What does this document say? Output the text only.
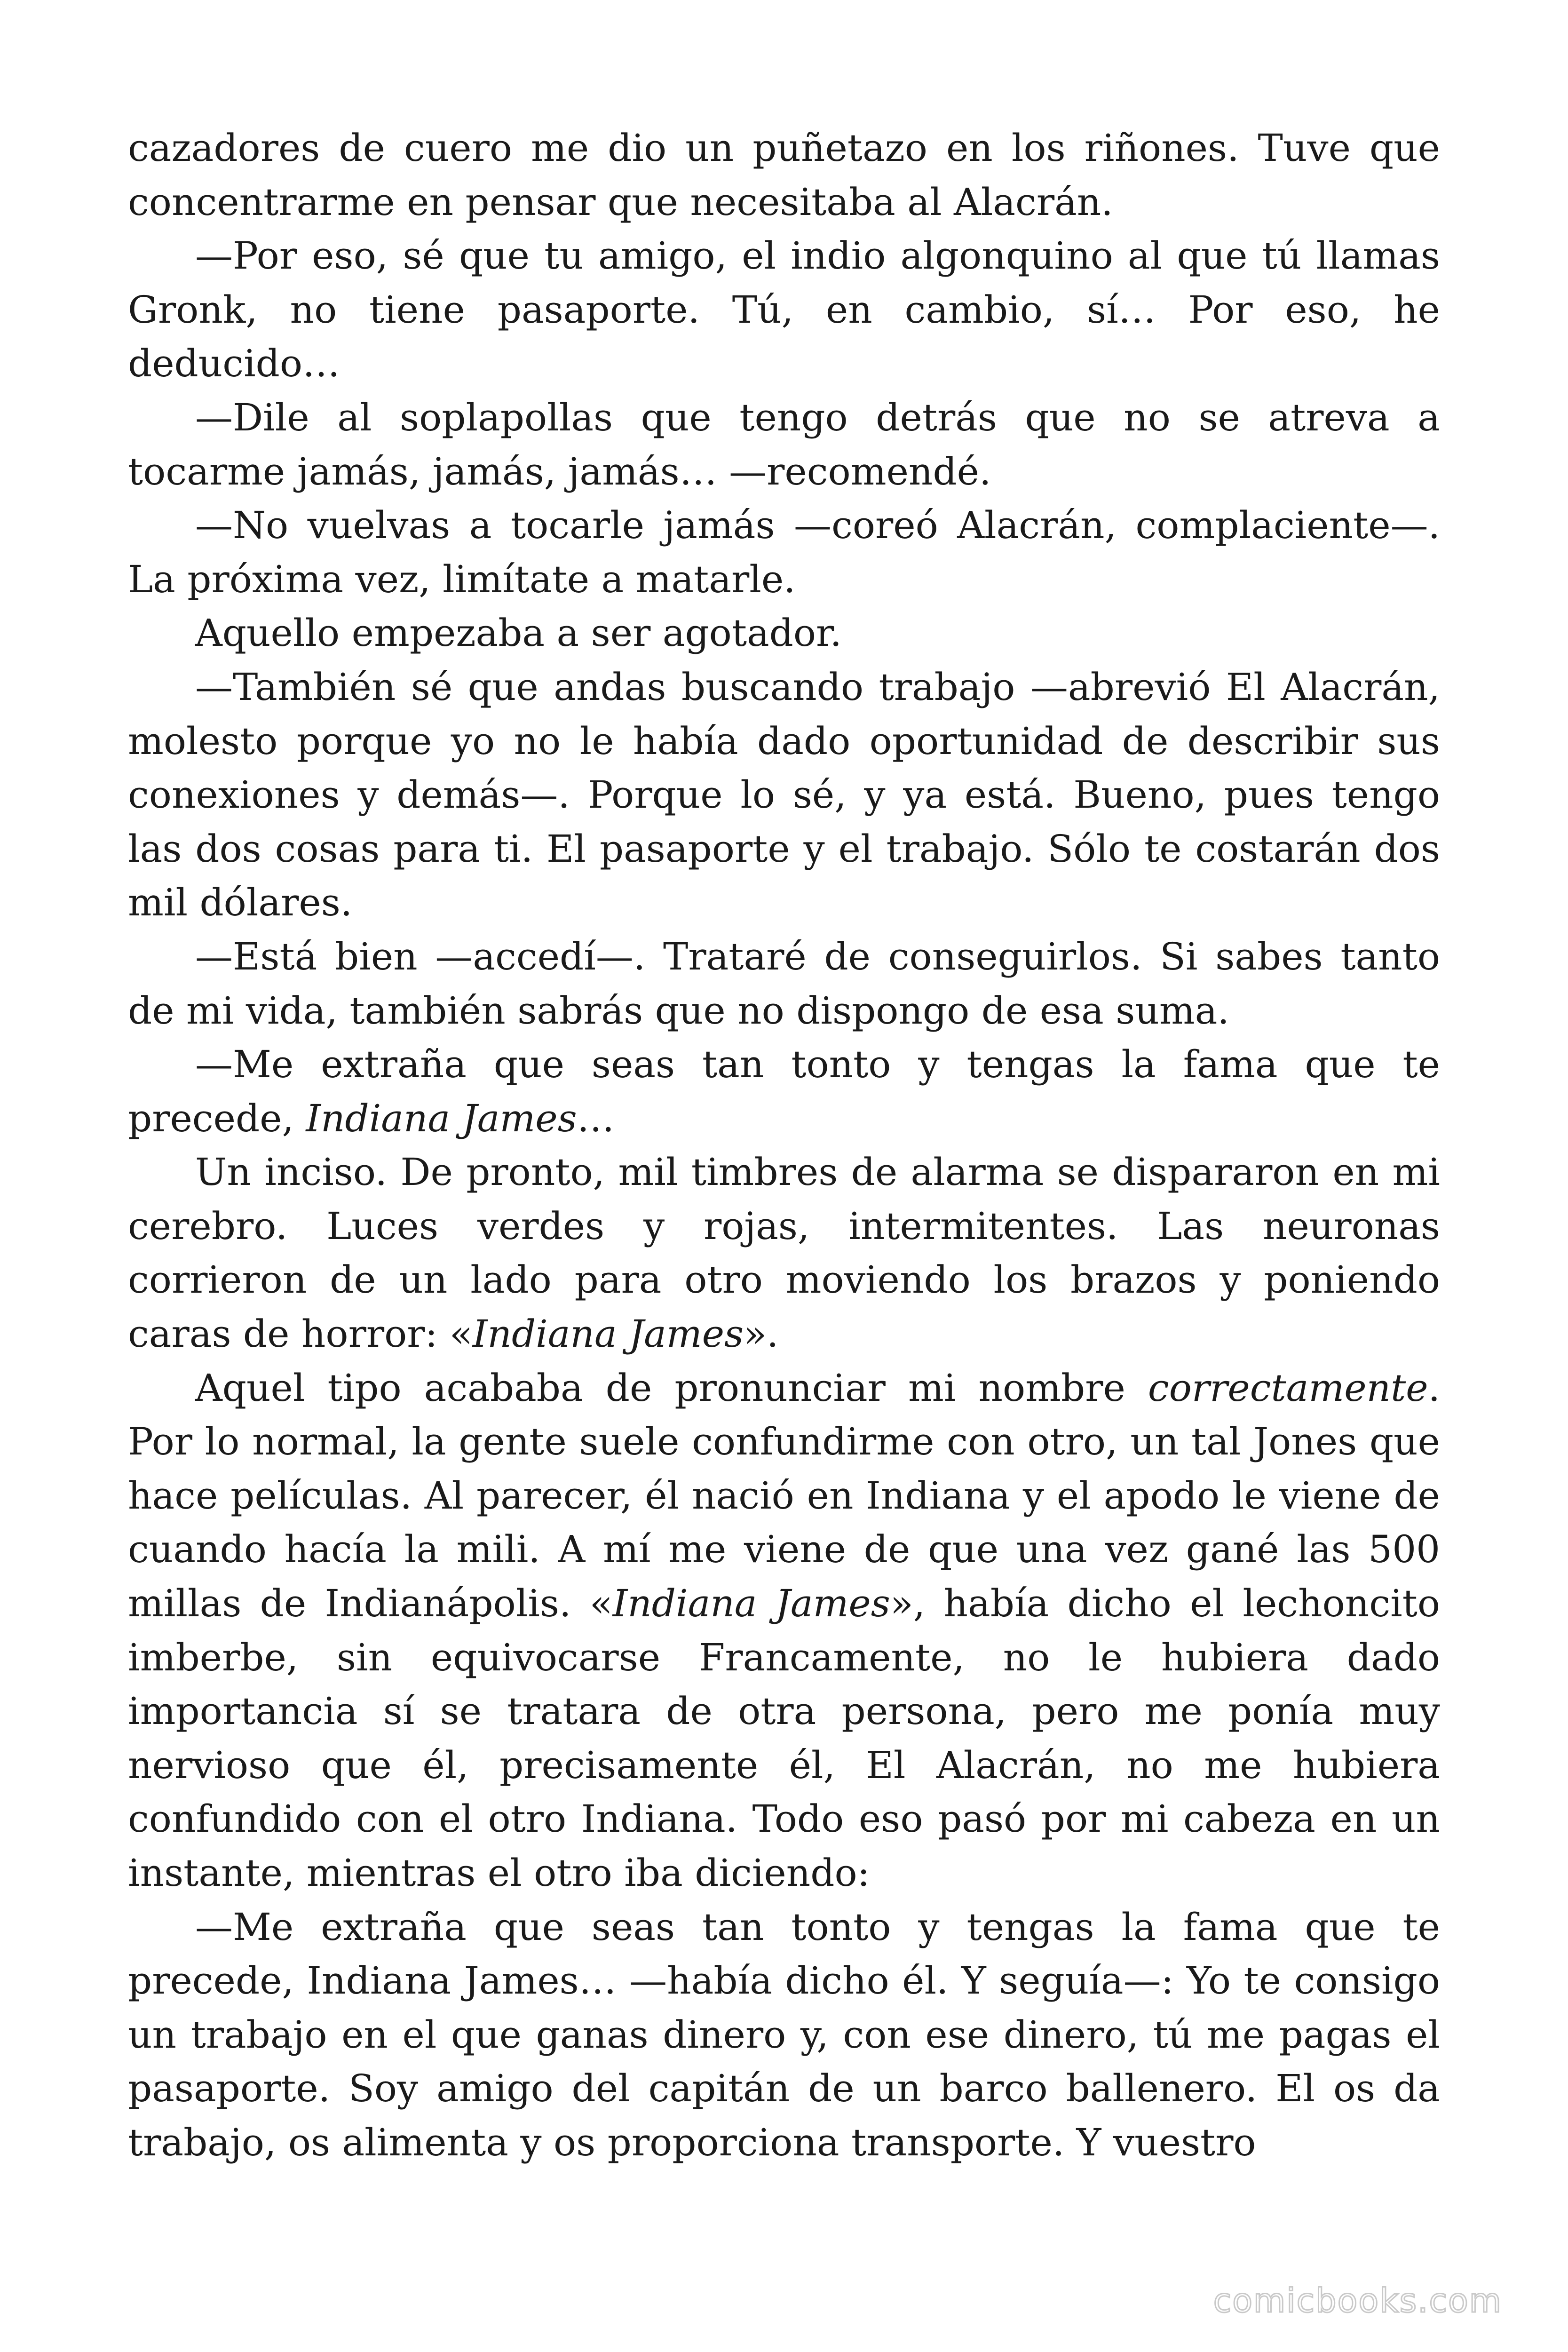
cazadores de cuero me dio un puñetazo en los riñones. Tuve que concentrarme en pensar que necesitaba al Alacrán.

—Por eso, sé que tu amigo, el indio algonquino al que tú llamas Gronk, no tiene pasaporte. Tú, en cambio, sí… Por eso, he deducido…

—Dile al soplapollas que tengo detrás que no se atreva a tocarme jamás, jamás, jamás… —recomendé.

—No vuelvas a tocarle jamás —coreó Alacrán, complaciente—. La próxima vez, limítate a matarle.

Aquello empezaba a ser agotador.

—También sé que andas buscando trabajo —abrevió El Alacrán, molesto porque yo no le había dado oportunidad de describir sus conexiones y demás—. Porque lo sé, y ya está. Bueno, pues tengo las dos cosas para ti. El pasaporte y el trabajo. Sólo te costarán dos mil dólares.

—Está bien —accedí—. Trataré de conseguirlos. Si sabes tanto de mi vida, también sabrás que no dispongo de esa suma.

—Me extraña que seas tan tonto y tengas la fama que te precede, Indiana James…

Un inciso. De pronto, mil timbres de alarma se dispararon en mi cerebro. Luces verdes y rojas, intermitentes. Las neuronas corrieron de un lado para otro moviendo los brazos y poniendo caras de horror: «Indiana James».

Aquel tipo acababa de pronunciar mi nombre correctamente. Por lo normal, la gente suele confundirme con otro, un tal Jones que hace películas. Al parecer, él nació en Indiana y el apodo le viene de cuando hacía la mili. A mí me viene de que una vez gané las 500 millas de Indianápolis. «Indiana James», había dicho el lechoncito imberbe, sin equivocarse Francamente, no le hubiera dado importancia sí se tratara de otra persona, pero me ponía muy nervioso que él, precisamente él, El Alacrán, no me hubiera confundido con el otro Indiana. Todo eso pasó por mi cabeza en un instante, mientras el otro iba diciendo:

—Me extraña que seas tan tonto y tengas la fama que te precede, Indiana James… —había dicho él. Y seguía—: Yo te consigo un trabajo en el que ganas dinero y, con ese dinero, tú me pagas el pasaporte. Soy amigo del capitán de un barco ballenero. El os da trabajo, os alimenta y os proporciona transporte. Y vuestro

comicbooks.com
